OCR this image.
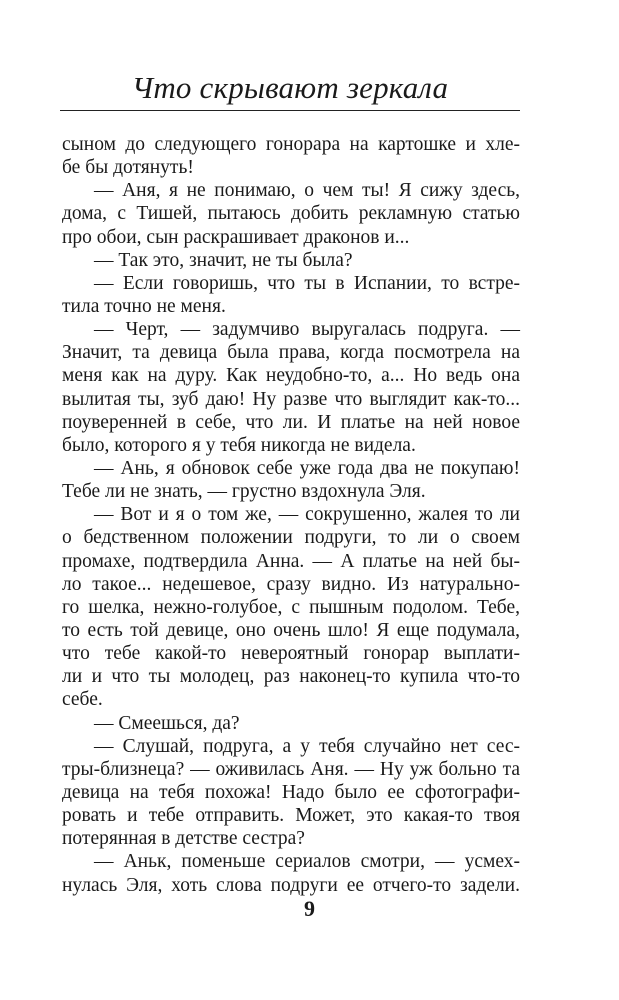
Что скрывают зеркала
сыном до следующего гонорара на картошке и хле-
бе бы дотянуть!
— Аня, я не понимаю, о чем ты! Я сижу здесь,
дома, с Тишей, пытаюсь добить рекламную статью
про обои, сын раскрашивает драконов и...
— Так это, значит, не ты была?
— Если говоришь, что ты в Испании, то встре-
тила точно не меня.
— Черт, — задумчиво выругалась подруга. —
Значит, та девица была права, когда посмотрела на
меня как на дуру. Как неудобно-то, а... Но ведь она
вылитая ты, зуб даю! Ну разве что выглядит как-то...
поувереннeй в себе, что ли. И платье на ней новое
было, которого я у тебя никогда не видела.
— Ань, я обновок себе уже года два не покупаю!
Тебе ли не знать, — грустно вздохнула Эля.
— Вот и я о том же, — сокрушенно, жалея то ли
о бедственном положении подруги, то ли о своем
промахе, подтвердила Анна. — А платье на ней бы-
ло такое... недешевое, сразу видно. Из натурально-
го шелка, нежно-голубое, с пышным подолом. Тебе,
то есть той девице, оно очень шло! Я еще подумала,
что тебе какой-то невероятный гонорар выплати-
ли и что ты молодец, раз наконец-то купила что-то
себе.
— Смеешься, да?
— Слушай, подруга, а у тебя случайно нет сес-
тры-близнеца? — оживилась Аня. — Ну уж больно та
девица на тебя похожа! Надо было ее сфотографи-
ровать и тебе отправить. Может, это какая-то твоя
потерянная в детстве сестра?
— Аньк, поменьше сериалов смотри, — усмех-
нулась Эля, хоть слова подруги ее отчего-то задели.
9
